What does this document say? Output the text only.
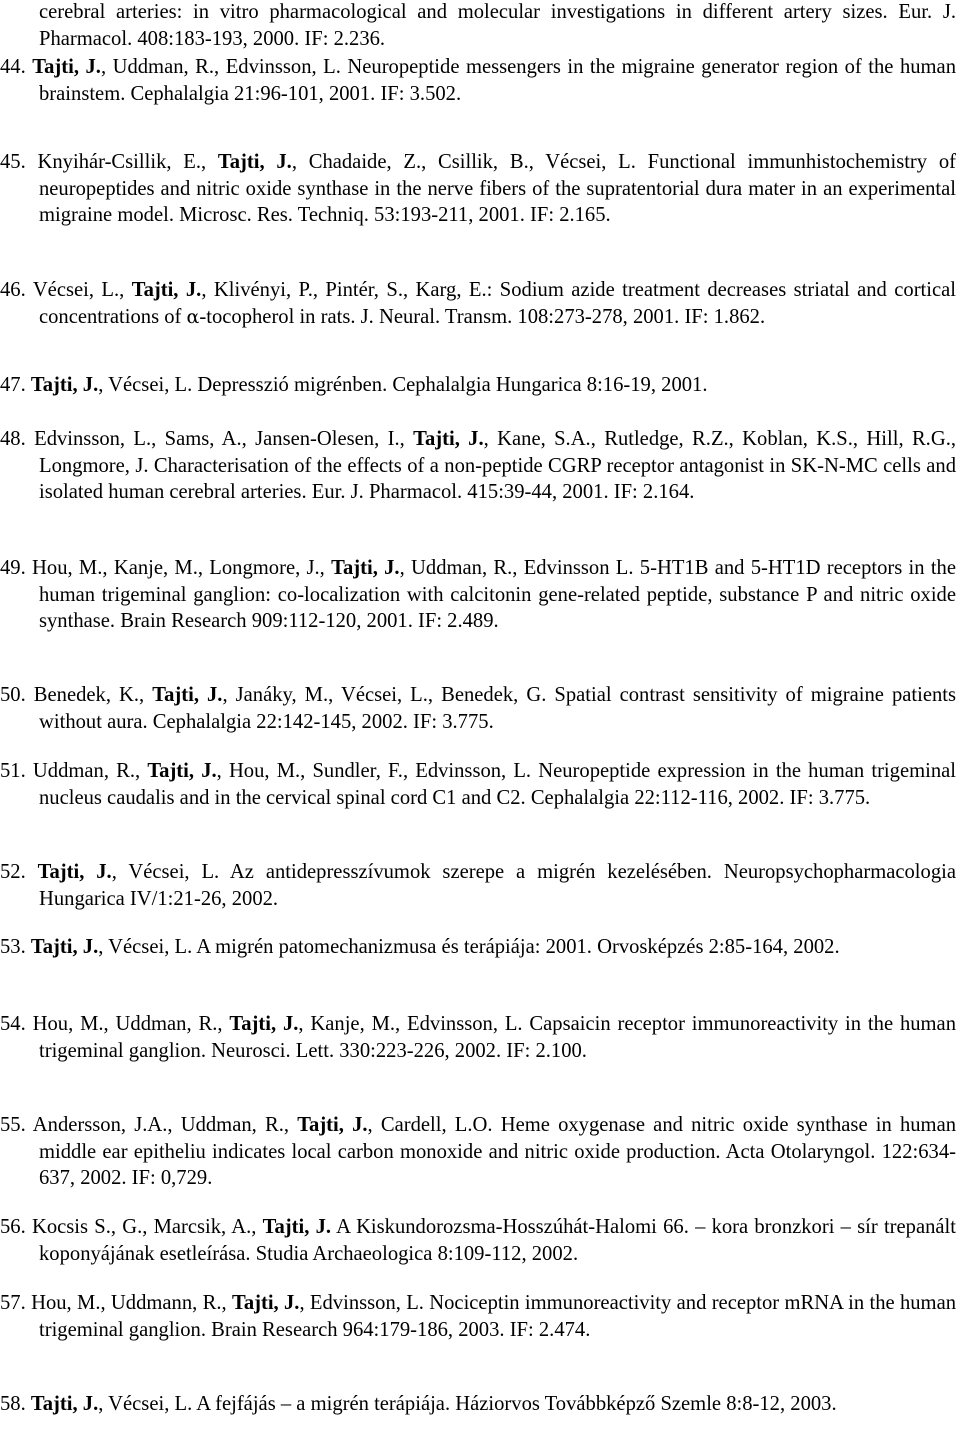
cerebral arteries: in vitro pharmacological and molecular investigations in different artery sizes. Eur. J. Pharmacol. 408:183-193, 2000. IF: 2.236.
44. Tajti, J., Uddman, R., Edvinsson, L. Neuropeptide messengers in the migraine generator region of the human brainstem. Cephalalgia 21:96-101, 2001. IF: 3.502.
45. Knyihár-Csillik, E., Tajti, J., Chadaide, Z., Csillik, B., Vécsei, L. Functional immunhistochemistry of neuropeptides and nitric oxide synthase in the nerve fibers of the supratentorial dura mater in an experimental migraine model. Microsc. Res. Techniq. 53:193-211, 2001. IF: 2.165.
46. Vécsei, L., Tajti, J., Klivényi, P., Pintér, S., Karg, E.: Sodium azide treatment decreases striatal and cortical concentrations of α-tocopherol in rats. J. Neural. Transm. 108:273-278, 2001. IF: 1.862.
47. Tajti, J., Vécsei, L. Depresszió migrénben. Cephalalgia Hungarica 8:16-19, 2001.
48. Edvinsson, L., Sams, A., Jansen-Olesen, I., Tajti, J., Kane, S.A., Rutledge, R.Z., Koblan, K.S., Hill, R.G., Longmore, J. Characterisation of the effects of a non-peptide CGRP receptor antagonist in SK-N-MC cells and isolated human cerebral arteries. Eur. J. Pharmacol. 415:39-44, 2001. IF: 2.164.
49. Hou, M., Kanje, M., Longmore, J., Tajti, J., Uddman, R., Edvinsson L. 5-HT1B and 5-HT1D receptors in the human trigeminal ganglion: co-localization with calcitonin gene-related peptide, substance P and nitric oxide synthase. Brain Research 909:112-120, 2001. IF: 2.489.
50. Benedek, K., Tajti, J., Janáky, M., Vécsei, L., Benedek, G. Spatial contrast sensitivity of migraine patients without aura. Cephalalgia 22:142-145, 2002. IF: 3.775.
51. Uddman, R., Tajti, J., Hou, M., Sundler, F., Edvinsson, L. Neuropeptide expression in the human trigeminal nucleus caudalis and in the cervical spinal cord C1 and C2. Cephalalgia 22:112-116, 2002. IF: 3.775.
52. Tajti, J., Vécsei, L. Az antidepresszívumok szerepe a migrén kezelésében. Neuropsychopharmacologia Hungarica IV/1:21-26, 2002.
53. Tajti, J., Vécsei, L. A migrén patomechanizmusa és terápiája: 2001. Orvosképzés 2:85-164, 2002.
54. Hou, M., Uddman, R., Tajti, J., Kanje, M., Edvinsson, L. Capsaicin receptor immunoreactivity in the human trigeminal ganglion. Neurosci. Lett. 330:223-226, 2002. IF: 2.100.
55. Andersson, J.A., Uddman, R., Tajti, J., Cardell, L.O. Heme oxygenase and nitric oxide synthase in human middle ear epitheliu indicates local carbon monoxide and nitric oxide production. Acta Otolaryngol. 122:634-637, 2002. IF: 0,729.
56. Kocsis S., G., Marcsik, A., Tajti, J. A Kiskundorozsma-Hosszúhát-Halomi 66. – kora bronzkori – sír trepanált koponyájának esetleírása. Studia Archaeologica 8:109-112, 2002.
57. Hou, M., Uddmann, R., Tajti, J., Edvinsson, L. Nociceptin immunoreactivity and receptor mRNA in the human trigeminal ganglion. Brain Research 964:179-186, 2003. IF: 2.474.
58. Tajti, J., Vécsei, L. A fejfájás – a migrén terápiája. Háziorvos Továbbképző Szemle 8:8-12, 2003.
